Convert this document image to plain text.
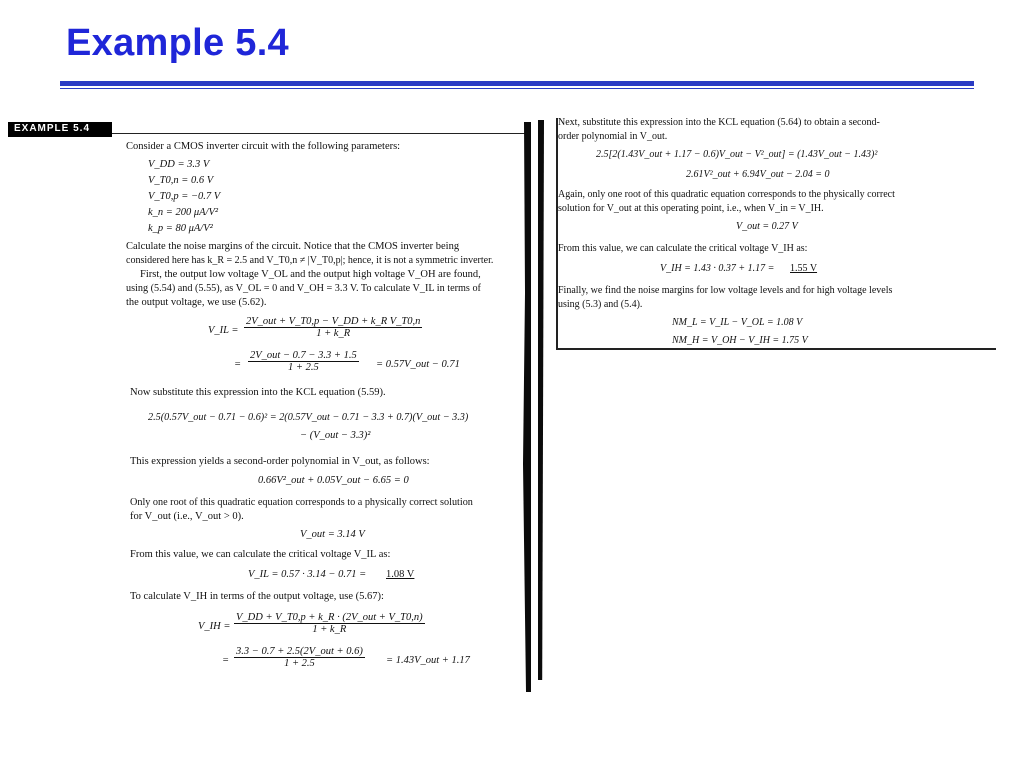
Example 5.4
EXAMPLE 5.4
Consider a CMOS inverter circuit with the following parameters:
V_DD = 3.3 V
V_T0,n = 0.6 V
V_T0,p = −0.7 V
k_n = 200 μA/V²
k_p = 80 μA/V²
Calculate the noise margins of the circuit. Notice that the CMOS inverter being
considered here has k_R = 2.5 and V_T0,n ≠ |V_T0,p|; hence, it is not a symmetric inverter.
First, the output low voltage V_OL and the output high voltage V_OH are found,
using (5.54) and (5.55), as V_OL = 0 and V_OH = 3.3 V. To calculate V_IL in terms of
the output voltage, we use (5.62).
V_IL =
2V_out + V_T0,p − V_DD + k_R V_T0,n
1 + k_R
=
2V_out − 0.7 − 3.3 + 1.5
1 + 2.5	= 0.57V_out − 0.71
Now substitute this expression into the KCL equation (5.59).
2.5(0.57V_out − 0.71 − 0.6)² = 2(0.57V_out − 0.71 − 3.3 + 0.7)(V_out − 3.3)
− (V_out − 3.3)²
This expression yields a second-order polynomial in V_out, as follows:
0.66V²_out + 0.05V_out − 6.65 = 0
Only one root of this quadratic equation corresponds to a physically correct solution
for V_out (i.e., V_out > 0).
V_out = 3.14 V
From this value, we can calculate the critical voltage V_IL as:
V_IL = 0.57 · 3.14 − 0.71 = 1.08 V
To calculate V_IH in terms of the output voltage, use (5.67):
V_IH =
V_DD + V_T0,p + k_R · (2V_out + V_T0,n)
1 + k_R
=
3.3 − 0.7 + 2.5(2V_out + 0.6)
1 + 2.5	= 1.43V_out + 1.17
Next, substitute this expression into the KCL equation (5.64) to obtain a second-
order polynomial in V_out.
2.5[2(1.43V_out + 1.17 − 0.6)V_out − V²_out] = (1.43V_out − 1.43)²
2.61V²_out + 6.94V_out − 2.04 = 0
Again, only one root of this quadratic equation corresponds to the physically correct
solution for V_out at this operating point, i.e., when V_in = V_IH.
V_out = 0.27 V
From this value, we can calculate the critical voltage V_IH as:
V_IH = 1.43 · 0.37 + 1.17 = 1.55 V
Finally, we find the noise margins for low voltage levels and for high voltage levels
using (5.3) and (5.4).
NM_L = V_IL − V_OL = 1.08 V
NM_H = V_OH − V_IH = 1.75 V
